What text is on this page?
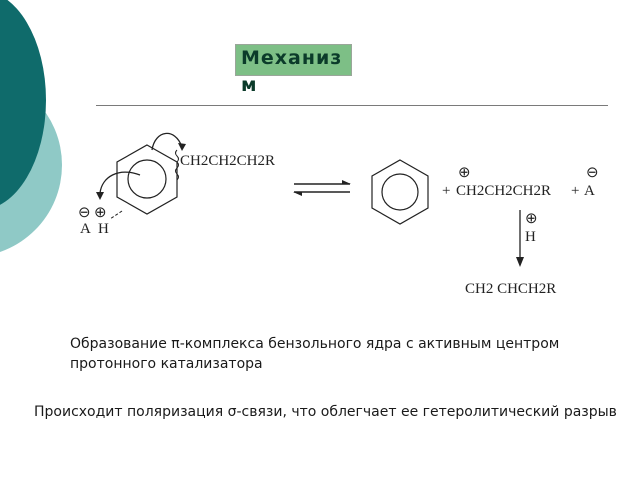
Механизм
CH2CH2CH2R
⊖ ⊕
A H
+
⊕
CH2CH2CH2R +
⊖
A
⊕
H
CH2 CHCH2R

Образование π-комплекса бензольного ядра с активным центром
протонного катализатора

Происходит поляризация σ-связи, что облегчает ее гетеролитический разрыв
